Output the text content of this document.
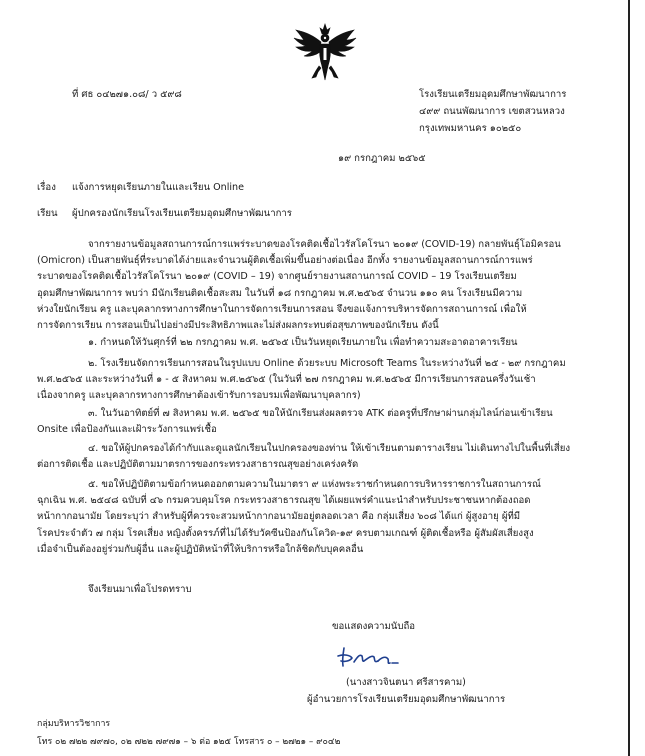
ที่ ศธ ๐๔๒๗๑.๐๘/ ว ๕๙๘	โรงเรียนเตรียมอุดมศึกษาพัฒนาการ
๔๙๙ ถนนพัฒนาการ เขตสวนหลวง
กรุงเทพมหานคร ๑๐๒๕๐
๑๙ กรกฎาคม ๒๕๖๕
เรื่อง แจ้งการหยุดเรียนภายในและเรียน Online
เรียน ผู้ปกครองนักเรียนโรงเรียนเตรียมอุดมศึกษาพัฒนาการ
จากรายงานข้อมูลสถานการณ์การแพร่ระบาดของโรคติดเชื้อไวรัสโคโรนา ๒๐๑๙ (COVID-19) กลายพันธุ์โอมิครอน
(Omicron) เป็นสายพันธุ์ที่ระบาดได้ง่ายและจำนวนผู้ติดเชื้อเพิ่มขึ้นอย่างต่อเนื่อง อีกทั้ง รายงานข้อมูลสถานการณ์การแพร่
ระบาดของโรคติดเชื้อไวรัสโคโรนา ๒๐๑๙ (COVID – 19) จากศูนย์รายงานสถานการณ์ COVID – 19 โรงเรียนเตรียม
อุดมศึกษาพัฒนาการ พบว่า มีนักเรียนติดเชื้อสะสม ในวันที่ ๑๘ กรกฎาคม พ.ศ.๒๕๖๕ จำนวน ๑๑๐ คน โรงเรียนมีความ
ห่วงใยนักเรียน ครู และบุคลากรทางการศึกษาในการจัดการเรียนการสอน จึงขอแจ้งการบริหารจัดการสถานการณ์ เพื่อให้
การจัดการเรียน การสอนเป็นไปอย่างมีประสิทธิภาพและไม่ส่งผลกระทบต่อสุขภาพของนักเรียน ดังนี้
๑. กำหนดให้วันศุกร์ที่ ๒๒ กรกฎาคม พ.ศ. ๒๕๖๕ เป็นวันหยุดเรียนภายใน เพื่อทำความสะอาดอาคารเรียน
๒. โรงเรียนจัดการเรียนการสอนในรูปแบบ Online ด้วยระบบ Microsoft Teams ในระหว่างวันที่ ๒๕ - ๒๙ กรกฎาคม
พ.ศ.๒๕๖๕ และระหว่างวันที่ ๑ - ๕ สิงหาคม พ.ศ.๒๕๖๕ (ในวันที่ ๒๗ กรกฎาคม พ.ศ.๒๕๖๕ มีการเรียนการสอนครึ่งวันเช้า
เนื่องจากครู และบุคลากรทางการศึกษาต้องเข้ารับการอบรมเพื่อพัฒนาบุคลากร)
๓. ในวันอาทิตย์ที่ ๗ สิงหาคม พ.ศ. ๒๕๖๕ ขอให้นักเรียนส่งผลตรวจ ATK ต่อครูที่ปรึกษาผ่านกลุ่มไลน์ก่อนเข้าเรียน
Onsite เพื่อป้องกันและเฝ้าระวังการแพร่เชื้อ
๔. ขอให้ผู้ปกครองได้กำกับและดูแลนักเรียนในปกครองของท่าน ให้เข้าเรียนตามตารางเรียน ไม่เดินทางไปในพื้นที่เสี่ยง
ต่อการติดเชื้อ และปฏิบัติตามมาตรการของกระทรวงสาธารณสุขอย่างเคร่งครัด
๕. ขอให้ปฏิบัติตามข้อกำหนดออกตามความในมาตรา ๙ แห่งพระราชกำหนดการบริหารราชการในสถานการณ์
ฉุกเฉิน พ.ศ. ๒๕๔๘ ฉบับที่ ๔๖ กรมควบคุมโรค กระทรวงสาธารณสุข ได้เผยแพร่คำแนะนำสำหรับประชาชนหากต้องถอด
หน้ากากอนามัย โดยระบุว่า สำหรับผู้ที่ควรจะสวมหน้ากากอนามัยอยู่ตลอดเวลา คือ กลุ่มเสี่ยง ๖๐๘ ได้แก่ ผู้สูงอายุ ผู้ที่มี
โรคประจำตัว ๗ กลุ่ม โรคเสี่ยง หญิงตั้งครรภ์ที่ไม่ได้รับวัคซีนป้องกันโควิด-๑๙ ครบตามเกณฑ์ ผู้ติดเชื้อหรือ ผู้สัมผัสเสี่ยงสูง
เมื่อจำเป็นต้องอยู่ร่วมกับผู้อื่น และผู้ปฏิบัติหน้าที่ให้บริการหรือใกล้ชิดกับบุคคลอื่น
จึงเรียนมาเพื่อโปรดทราบ
ขอแสดงความนับถือ
(นางสาวจินตนา ศรีสารคาม)
ผู้อำนวยการโรงเรียนเตรียมอุดมศึกษาพัฒนาการ
กลุ่มบริหารวิชาการ
โทร ๐๒ ๗๒๒ ๗๙๗๐, ๐๒ ๗๒๒ ๗๙๗๑ – ๖ ต่อ ๑๒๕ โทรสาร ๐ – ๒๗๒๑ – ๙๐๔๒
